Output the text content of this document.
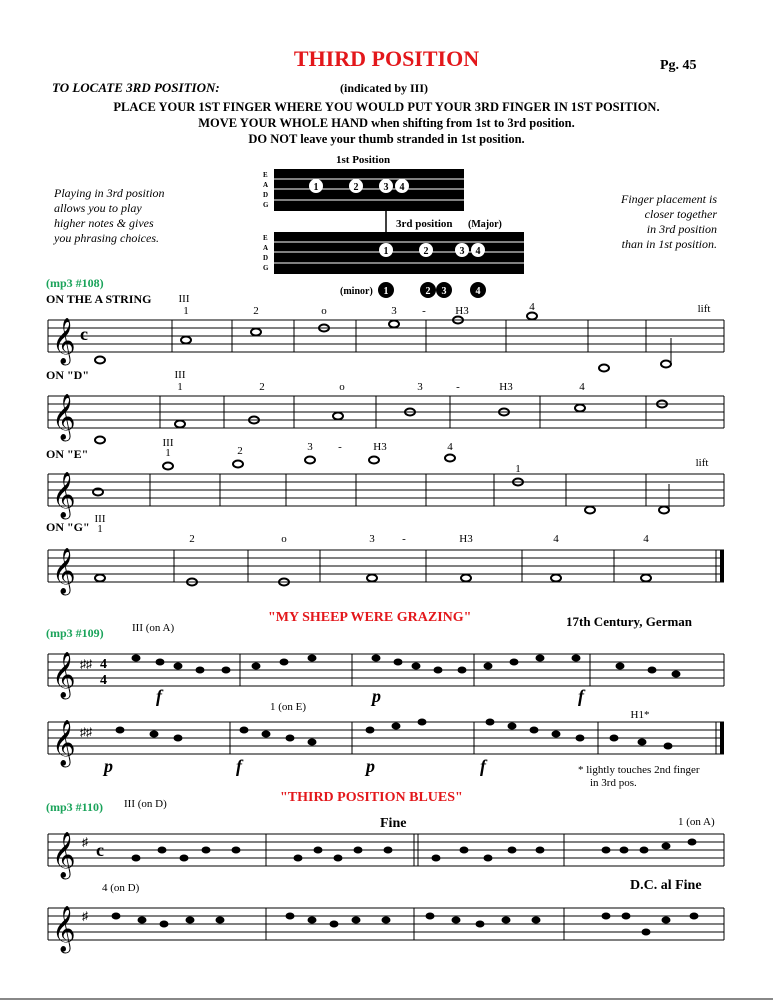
THIRD POSITION	Pg. 45
TO LOCATE 3RD POSITION:	(indicated by III)
PLACE YOUR 1ST FINGER WHERE YOU WOULD PUT YOUR 3RD FINGER IN 1ST POSITION.
MOVE YOUR WHOLE HAND when shifting from 1st to 3rd position.
DO NOT leave your thumb stranded in 1st position.
Playing in 3rd position
allows you to play
higher notes & gives
you phrasing choices.
Finger placement is
closer together
in 3rd position
than in 1st position.
1st Position
E
A
D
G
1	2	3 4
3rd position (Major)
E
A
D
G
1	2	3 4
(minor) 1	2 3	4
(mp3 #108)
ON THE A STRING
ON "D"
ON "E"
ON "G"
𝄞 c
III
1	2	o	3 -	H3	4	lift
𝄞
III
1	2	o	3	-	H3	4
𝄞
III
1	2	3 -	H3	4
1	lift
𝄞
III
1
2	o	3 -	H3	4	4
"MY SHEEP WERE GRAZING"	17th Century, German
(mp3 #109)	III (on A)
𝄞 ♯♯ 4
4
f	p	f
𝄞 ♯♯
1 (on E)
H1*
p	f	p	f	* lightly touches 2nd finger
in 3rd pos.
"THIRD POSITION BLUES"
(mp3 #110) III (on D)
Fine	1 (on A)
𝄞 ♯ c
4 (on D)	D.C. al Fine
𝄞 ♯
